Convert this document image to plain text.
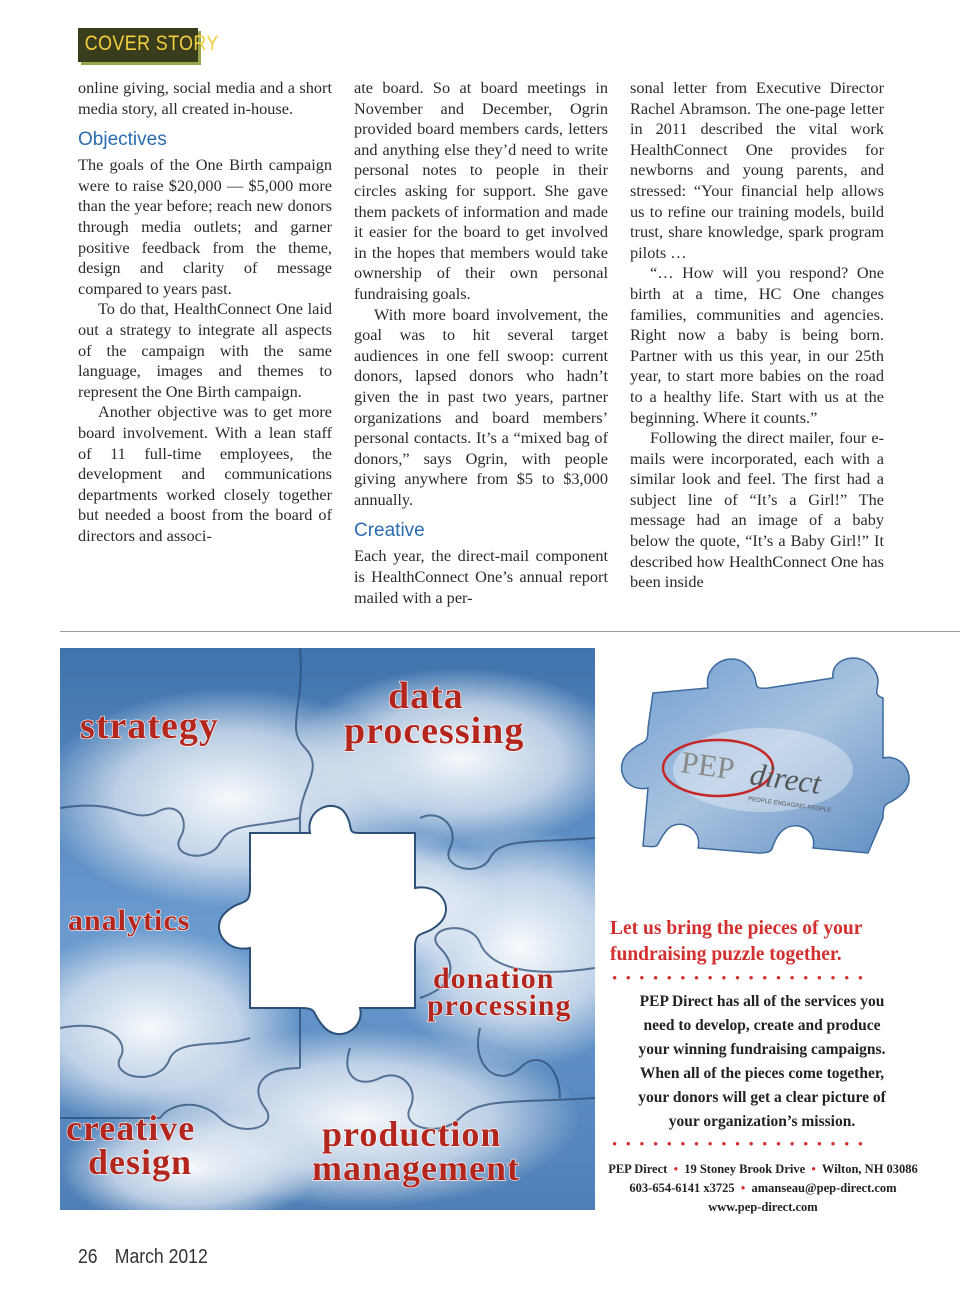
COVER STORY

online giving, social media and a short media story, all created in-house.

Objectives

The goals of the One Birth campaign were to raise $20,000 — $5,000 more than the year before; reach new donors through media outlets; and garner positive feedback from the theme, design and clarity of message compared to years past.

To do that, HealthConnect One laid out a strategy to integrate all aspects of the campaign with the same language, images and themes to represent the One Birth campaign.

Another objective was to get more board involvement. With a lean staff of 11 full-time employees, the development and communications departments worked closely together but needed a boost from the board of directors and associ-

ate board. So at board meetings in November and December, Ogrin provided board members cards, letters and anything else they’d need to write personal notes to people in their circles asking for support. She gave them packets of information and made it easier for the board to get involved in the hopes that members would take ownership of their own personal fundraising goals.

With more board involvement, the goal was to hit several target audiences in one fell swoop: current donors, lapsed donors who hadn’t given the in past two years, partner organizations and board members’ personal contacts. It’s a “mixed bag of donors,” says Ogrin, with people giving anywhere from $5 to $3,000 annually.

Creative

Each year, the direct-mail component is HealthConnect One’s annual report mailed with a per-

sonal letter from Executive Director Rachel Abramson. The one-page letter in 2011 described the vital work HealthConnect One provides for newborns and young parents, and stressed: “Your financial help allows us to refine our training models, build trust, share knowledge, spark program pilots …

“… How will you respond? One birth at a time, HC One changes families, communities and agencies. Right now a baby is being born. Partner with us this year, in our 25th year, to start more babies on the road to a healthy life. Start with us at the beginning. Where it counts.”

Following the direct mailer, four e-mails were incorporated, each with a similar look and feel. The first had a subject line of “It’s a Girl!” The message had an image of a baby below the quote, “It’s a Baby Girl!” It described how HealthConnect One has been inside

strategy
data
processing
analytics
donation
processing
creative
design
production
management
PEP direct
PEOPLE ENGAGING PEOPLE
Let us bring the pieces of your
fundraising puzzle together.
•••••••••••••••••••
PEP Direct has all of the services you
need to develop, create and produce
your winning fundraising campaigns.
When all of the pieces come together,
your donors will get a clear picture of
your organization’s mission.
•••••••••••••••••••
PEP Direct  •  19 Stoney Brook Drive  •  Wilton, NH 03086
603-654-6141 x3725  •  amanseau@pep-direct.com
www.pep-direct.com
26 March 2012
